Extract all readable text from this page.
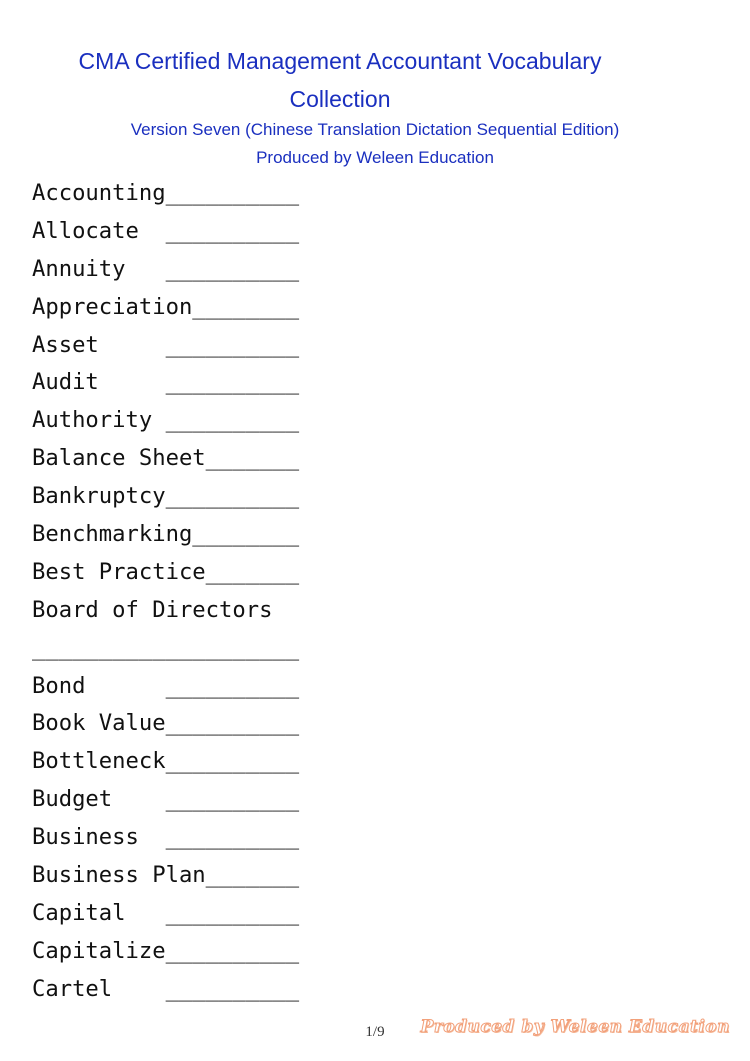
CMA Certified Management Accountant Vocabulary
Collection

Version Seven (Chinese Translation Dictation Sequential Edition)

Produced by Weleen Education

Accounting__________
Allocate  __________
Annuity   __________
Appreciation________
Asset     __________
Audit     __________
Authority __________
Balance Sheet_______
Bankruptcy__________
Benchmarking________
Best Practice_______
Board of Directors
____________________
Bond      __________
Book Value__________
Bottleneck__________
Budget    __________
Business  __________
Business Plan_______
Capital   __________
Capitalize__________
Cartel    __________
1/9	Produced by Weleen Education
